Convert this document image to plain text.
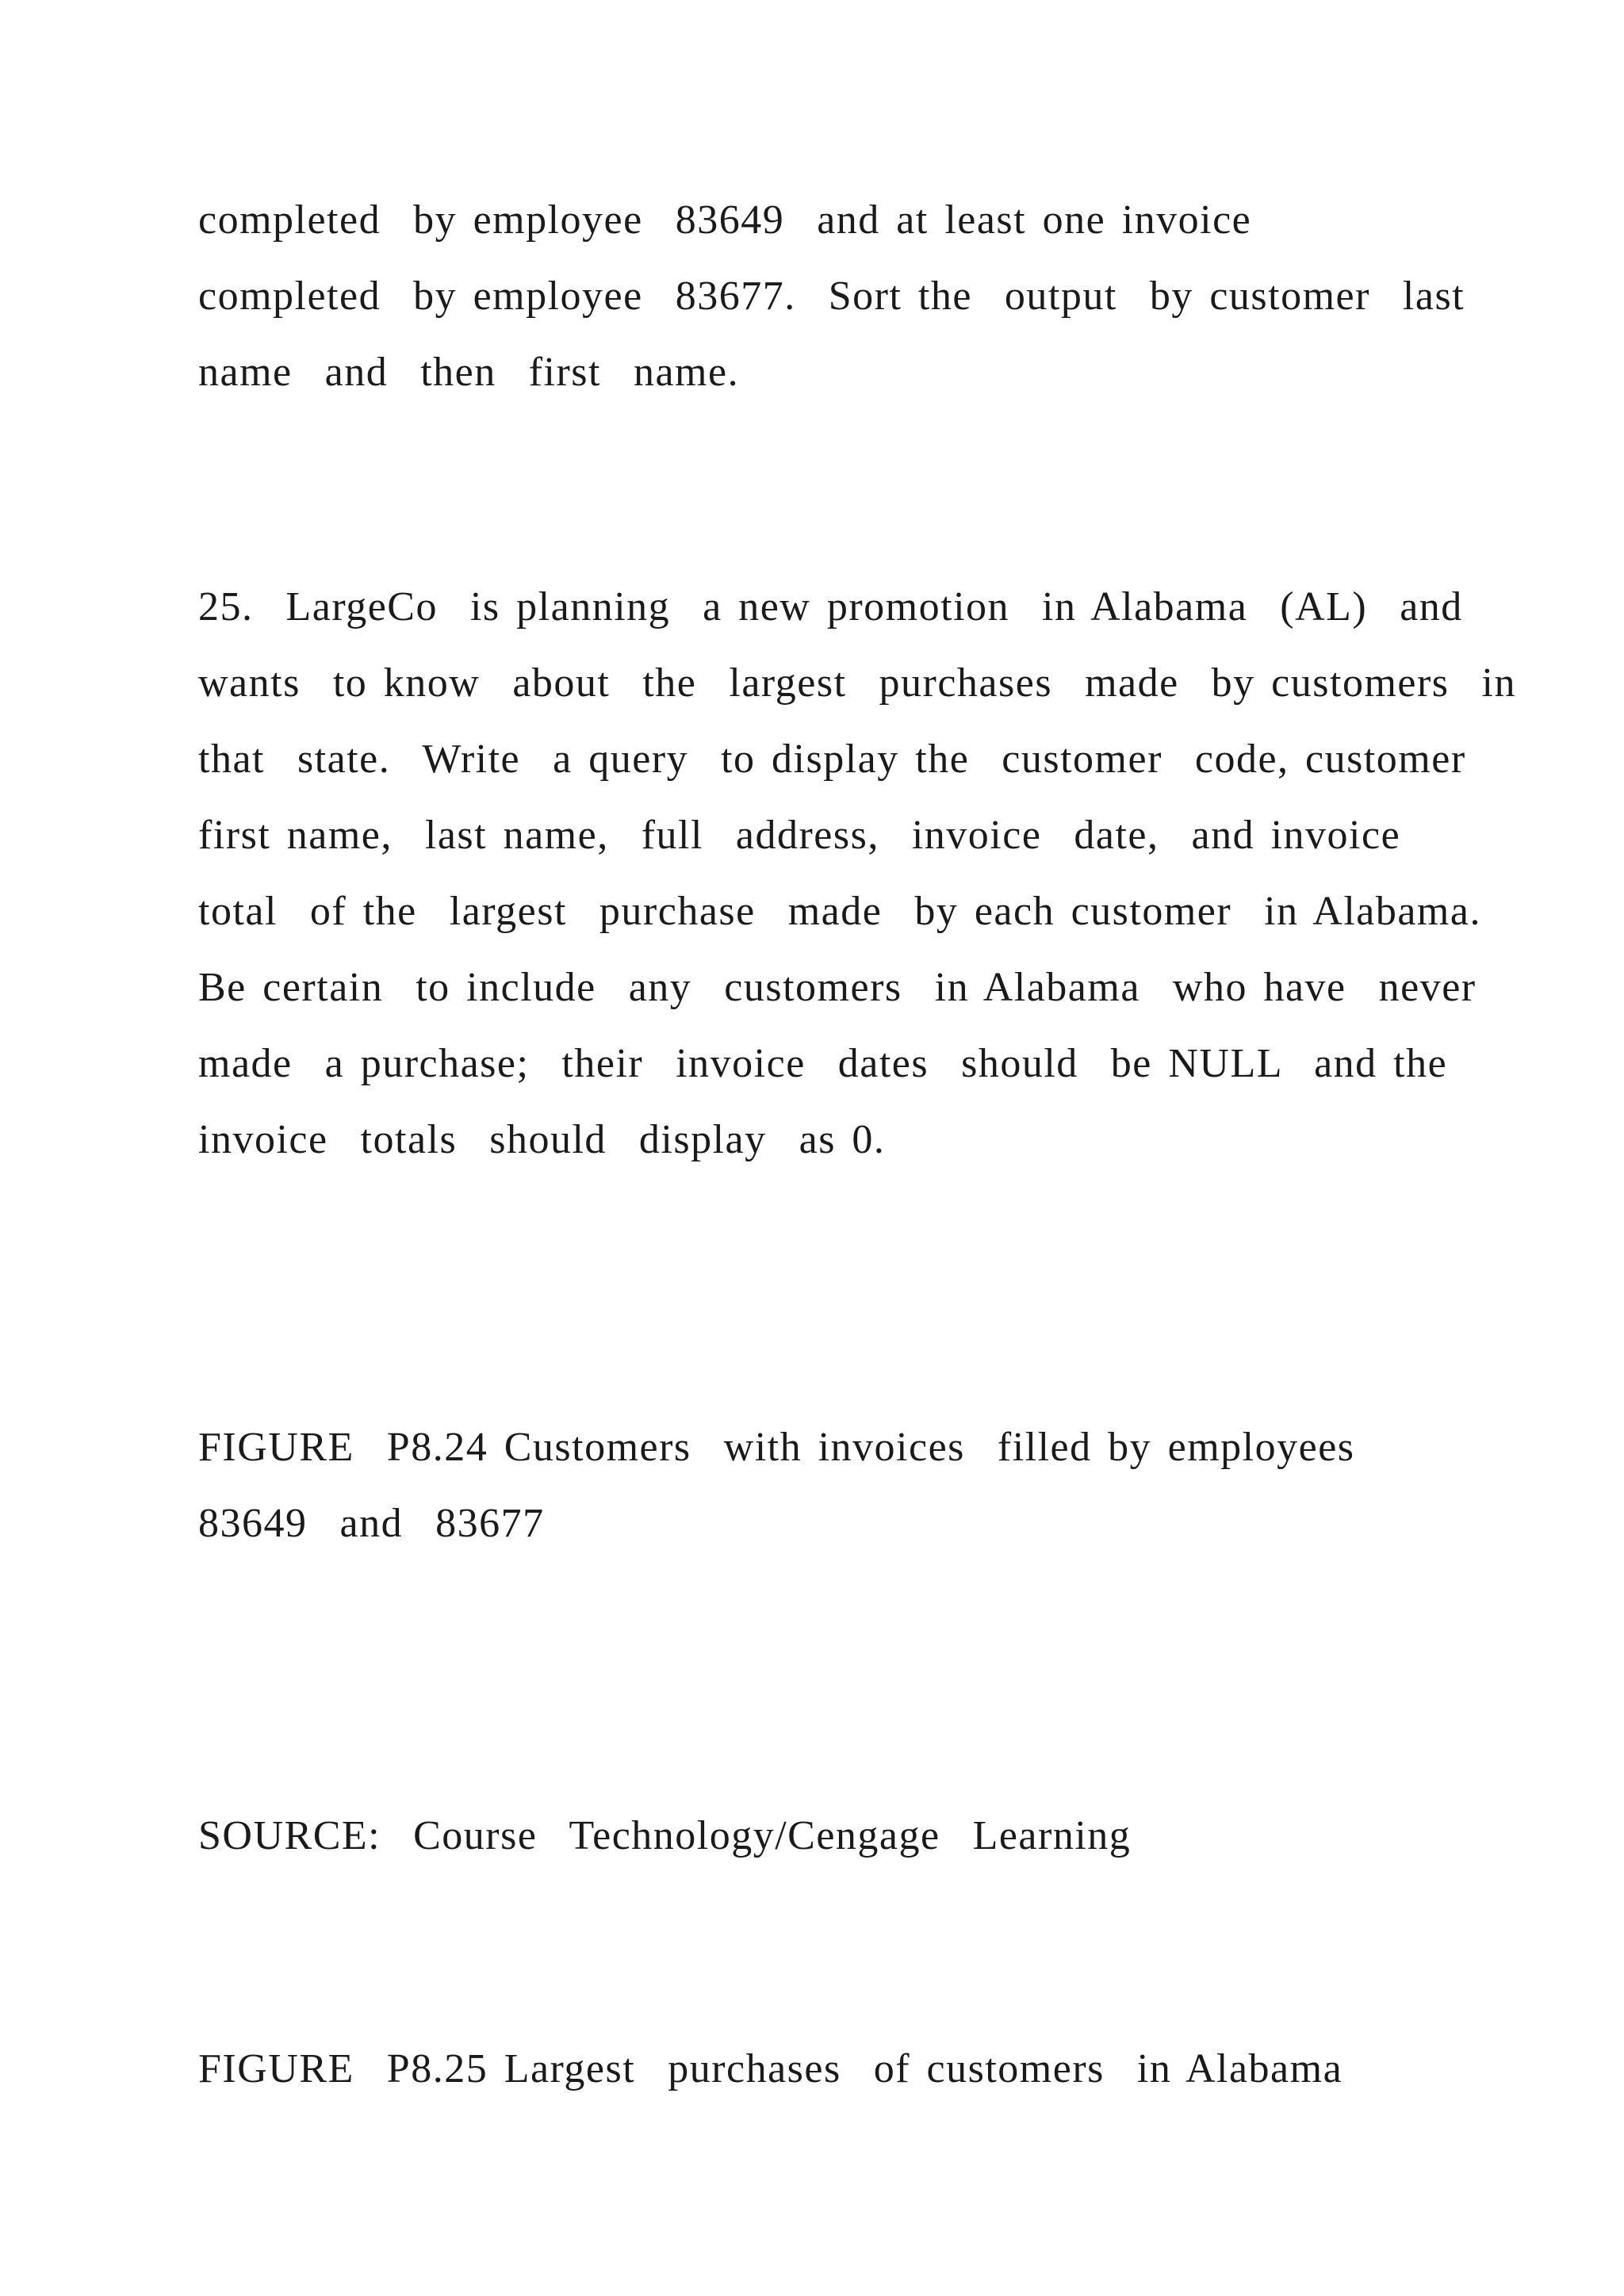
completed  by employee  83649  and at least one invoice

completed  by employee  83677.  Sort the  output  by customer  last

name  and  then  first  name.

25.  LargeCo  is planning  a new promotion  in Alabama  (AL)  and

wants  to know  about  the  largest  purchases  made  by customers  in

that  state.  Write  a query  to display the  customer  code, customer

first name,  last name,  full  address,  invoice  date,  and invoice

total  of the  largest  purchase  made  by each customer  in Alabama.

Be certain  to include  any  customers  in Alabama  who have  never

made  a purchase;  their  invoice  dates  should  be NULL  and the

invoice  totals  should  display  as 0.

FIGURE  P8.24 Customers  with invoices  filled by employees

83649  and  83677

SOURCE:  Course  Technology/Cengage  Learning

FIGURE  P8.25 Largest  purchases  of customers  in Alabama
